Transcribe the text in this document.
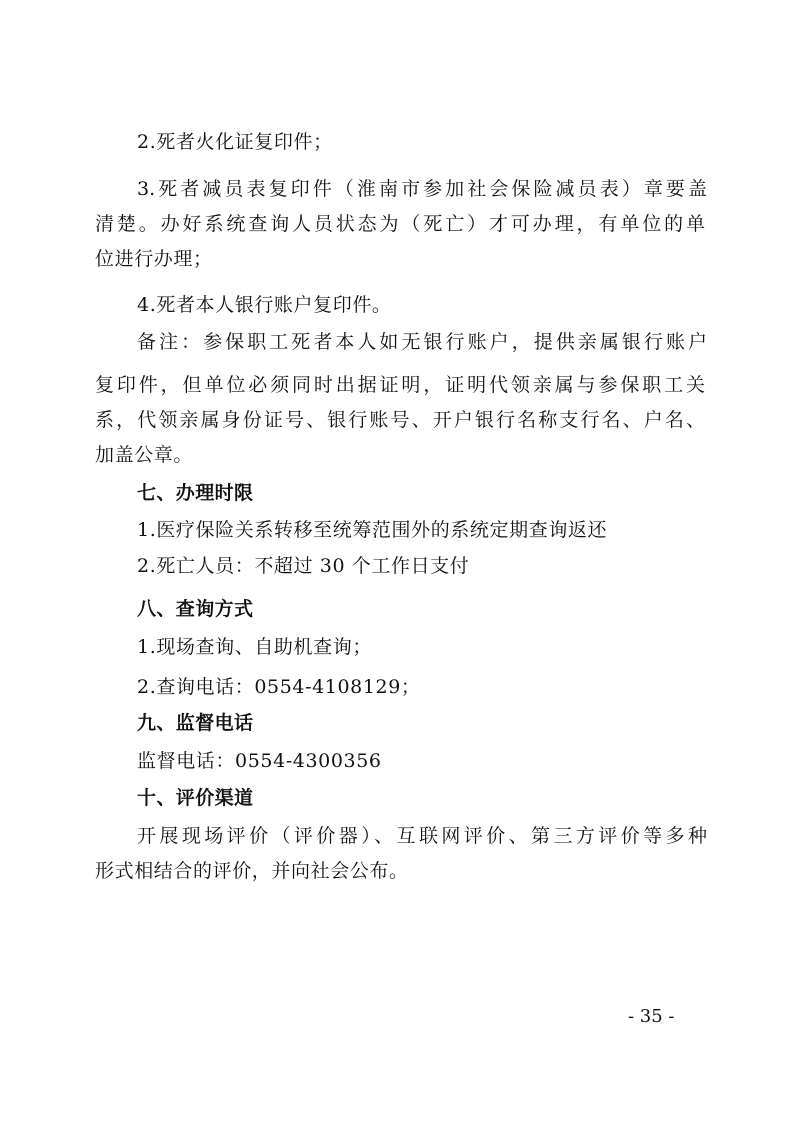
2.死者火化证复印件；
3.死者减员表复印件（淮南市参加社会保险减员表）章要盖
清楚。办好系统查询人员状态为（死亡）才可办理，有单位的单
位进行办理；
4.死者本人银行账户复印件。
备注：参保职工死者本人如无银行账户，提供亲属银行账户
复印件，但单位必须同时出据证明，证明代领亲属与参保职工关
系，代领亲属身份证号、银行账号、开户银行名称支行名、户名、
加盖公章。
七、办理时限
1.医疗保险关系转移至统筹范围外的系统定期查询返还
2.死亡人员：不超过 30 个工作日支付
八、查询方式
1.现场查询、自助机查询；
2.查询电话：0554-4108129；
九、监督电话
监督电话：0554-4300356
十、评价渠道
开展现场评价（评价器）、互联网评价、第三方评价等多种
形式相结合的评价，并向社会公布。
- 35 -
